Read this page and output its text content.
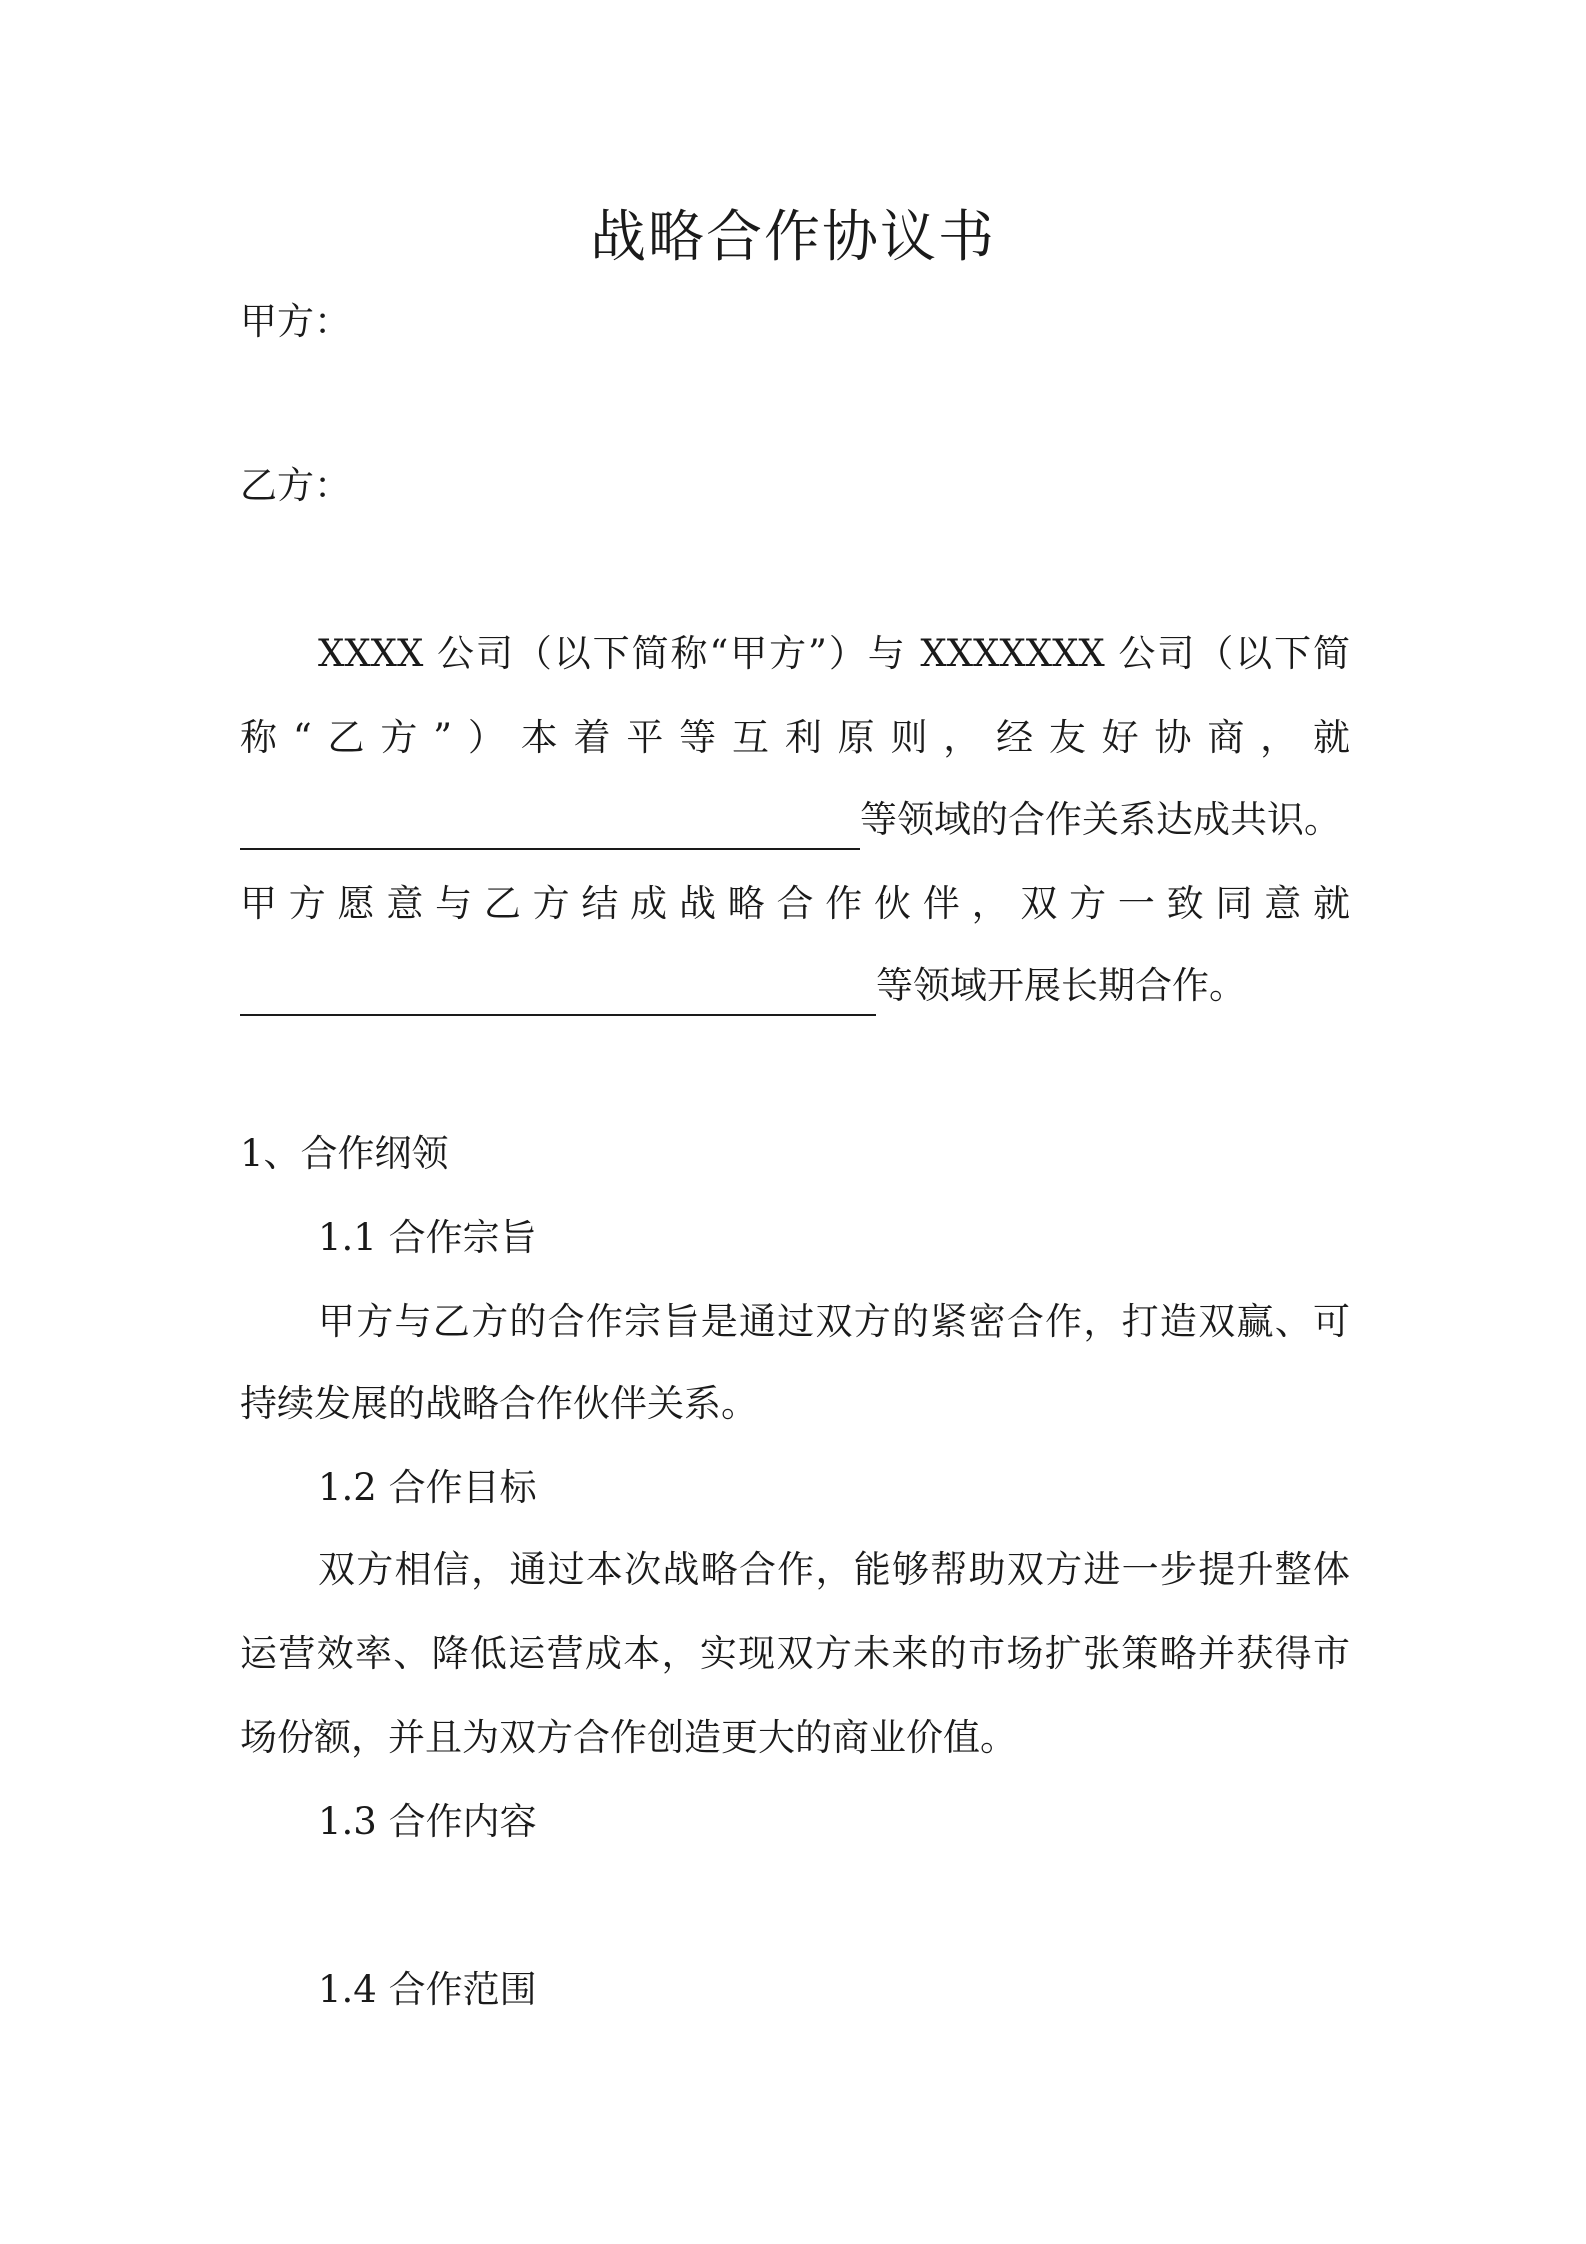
战略合作协议书
甲方：
乙方：
XXXX 公司（以下简称“甲方”）与 XXXXXXX 公司（以下简
称“乙方”）本着平等互利原则，经友好协商，就
等领域的合作关系达成共识。
甲方愿意与乙方结成战略合作伙伴，双方一致同意就
等领域开展长期合作。
1、合作纲领
1.1 合作宗旨
甲方与乙方的合作宗旨是通过双方的紧密合作，打造双赢、可
持续发展的战略合作伙伴关系。
1.2 合作目标
双方相信，通过本次战略合作，能够帮助双方进一步提升整体
运营效率、降低运营成本，实现双方未来的市场扩张策略并获得市
场份额，并且为双方合作创造更大的商业价值。
1.3 合作内容
1.4 合作范围
